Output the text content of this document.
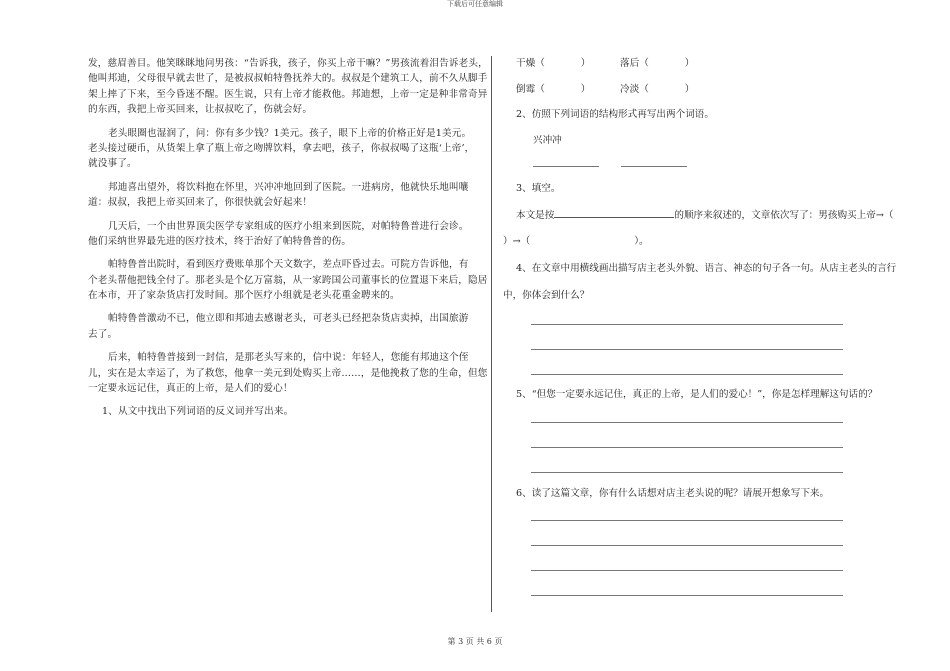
下载后可任意编辑
发，慈眉善目。他笑眯眯地问男孩：“告诉我，孩子，你买上帝干嘛？”男孩流着泪告诉老头，
他叫邦迪，父母很早就去世了，是被叔叔帕特鲁抚养大的。叔叔是个建筑工人，前不久从脚手
架上摔了下来，至今昏迷不醒。医生说，只有上帝才能救他。邦迪想，上帝一定是种非常奇异
的东西，我把上帝买回来，让叔叔吃了，伤就会好。
老头眼圈也湿润了，问：你有多少钱？1美元。孩子，眼下上帝的价格正好是1美元。
老头接过硬币，从货架上拿了瓶上帝之吻牌饮料，拿去吧，孩子，你叔叔喝了这瓶‘上帝’，
就没事了。
邦迪喜出望外，将饮料抱在怀里，兴冲冲地回到了医院。一进病房，他就快乐地叫嚷
道：叔叔，我把上帝买回来了，你很快就会好起来！
几天后，一个由世界顶尖医学专家组成的医疗小组来到医院，对帕特鲁普进行会诊。
他们采纳世界最先进的医疗技术，终于治好了帕特鲁普的伤。
帕特鲁普出院时，看到医疗费账单那个天文数字，差点吓昏过去。可院方告诉他，有
个老头帮他把钱全付了。那老头是个亿万富翁，从一家跨国公司董事长的位置退下来后，隐居
在本市，开了家杂货店打发时间。那个医疗小组就是老头花重金聘来的。
帕特鲁普激动不已，他立即和邦迪去感谢老头，可老头已经把杂货店卖掉，出国旅游
去了。
后来，帕特鲁普接到一封信，是那老头写来的，信中说：年轻人，您能有邦迪这个侄
儿，实在是太幸运了，为了救您，他拿一美元到处购买上帝……，是他挽救了您的生命，但您
一定要永远记住，真正的上帝，是人们的爱心！
1、从文中找出下列词语的反义词并写出来。
干燥（	）	落后（	）
倒霉（	）	冷淡（	）
2、仿照下列词语的结构形式再写出两个词语。
兴冲冲
3、填空。
本文是按	的顺序来叙述的，文章依次写了：男孩购买上帝→（
）→（	）。
4、在文章中用横线画出描写店主老头外貌、语言、神态的句子各一句。从店主老头的言行
中，你体会到什么？
5、“但您一定要永远记住，真正的上帝，是人们的爱心！”，你是怎样理解这句话的？
6、读了这篇文章，你有什么话想对店主老头说的呢？请展开想象写下来。
第 3 页 共 6 页
